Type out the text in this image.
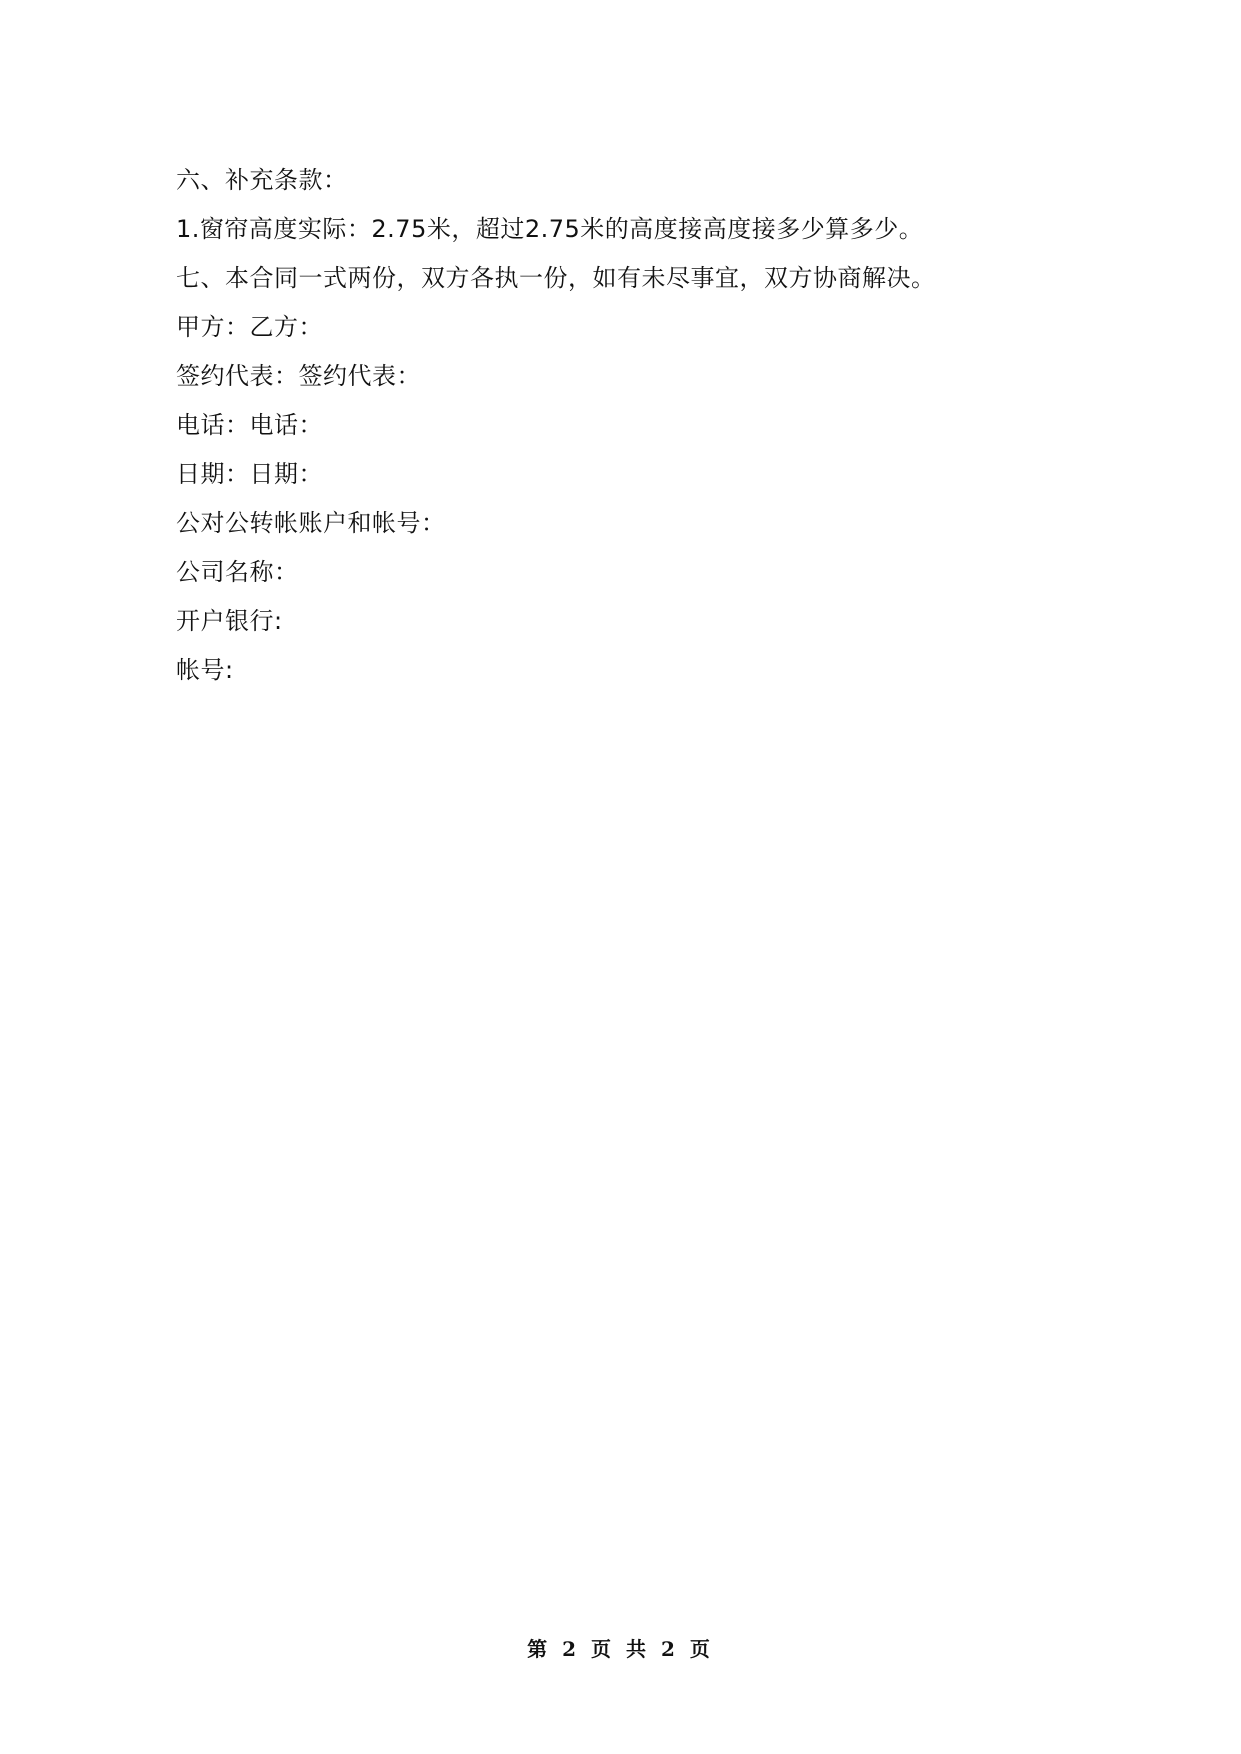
六、补充条款：
1.窗帘高度实际：2.75米，超过2.75米的高度接高度接多少算多少。
七、本合同一式两份，双方各执一份，如有未尽事宜，双方协商解决。
甲方：乙方：
签约代表：签约代表：
电话：电话：
日期：日期：
公对公转帐账户和帐号：
公司名称：
开户银行:
帐号:
第 2 页 共 2 页
